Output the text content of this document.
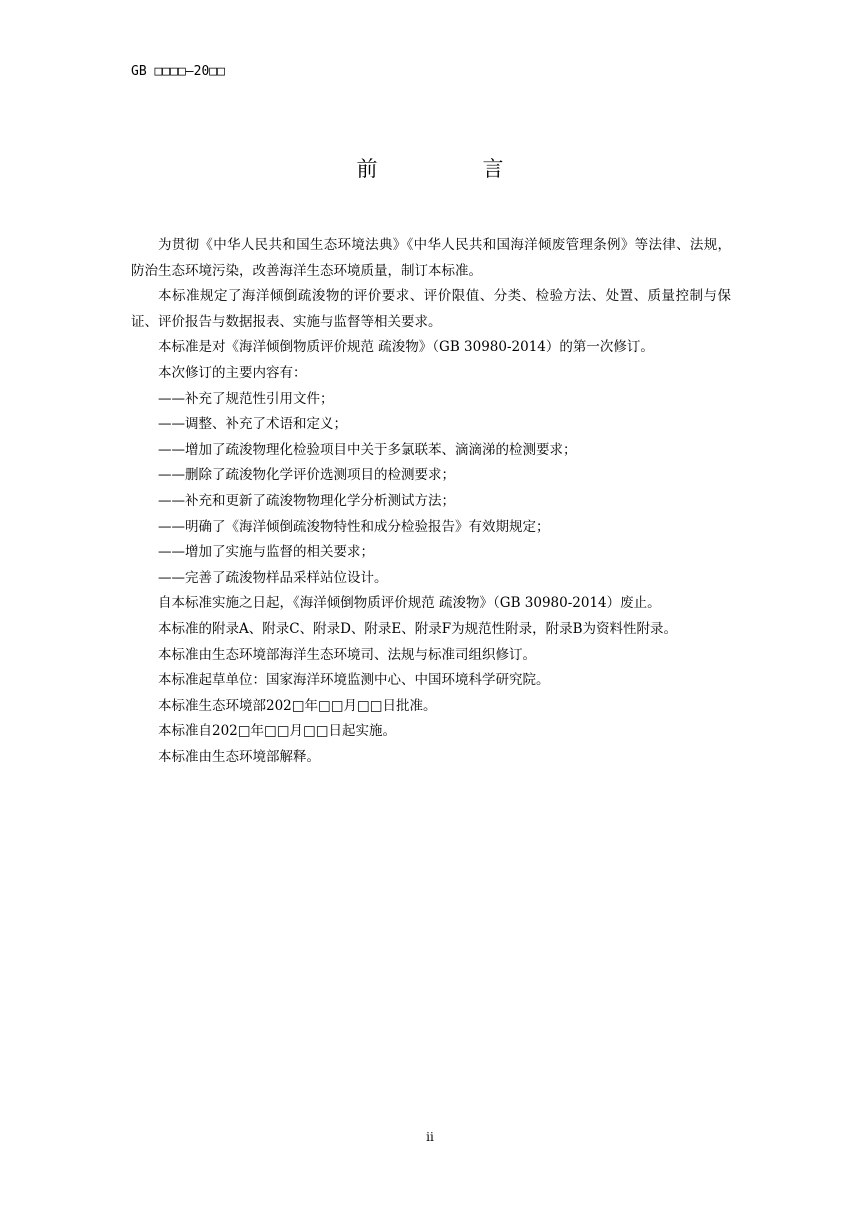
GB □□□□—20□□
前　言

为贯彻《中华人民共和国生态环境法典》《中华人民共和国海洋倾废管理条例》等法律、法规，防治生态环境污染，改善海洋生态环境质量，制订本标准。

本标准规定了海洋倾倒疏浚物的评价要求、评价限值、分类、检验方法、处置、质量控制与保证、评价报告与数据报表、实施与监督等相关要求。

本标准是对《海洋倾倒物质评价规范 疏浚物》（GB 30980-2014）的第一次修订。

本次修订的主要内容有：

——补充了规范性引用文件；

——调整、补充了术语和定义；

——增加了疏浚物理化检验项目中关于多氯联苯、滴滴涕的检测要求；

——删除了疏浚物化学评价选测项目的检测要求；

——补充和更新了疏浚物物理化学分析测试方法；

——明确了《海洋倾倒疏浚物特性和成分检验报告》有效期规定；

——增加了实施与监督的相关要求；

——完善了疏浚物样品采样站位设计。

自本标准实施之日起，《海洋倾倒物质评价规范 疏浚物》（GB 30980-2014）废止。

本标准的附录A、附录C、附录D、附录E、附录F为规范性附录，附录B为资料性附录。

本标准由生态环境部海洋生态环境司、法规与标准司组织修订。

本标准起草单位：国家海洋环境监测中心、中国环境科学研究院。

本标准生态环境部202□年□□月□□日批准。

本标准自202□年□□月□□日起实施。

本标准由生态环境部解释。

ii
